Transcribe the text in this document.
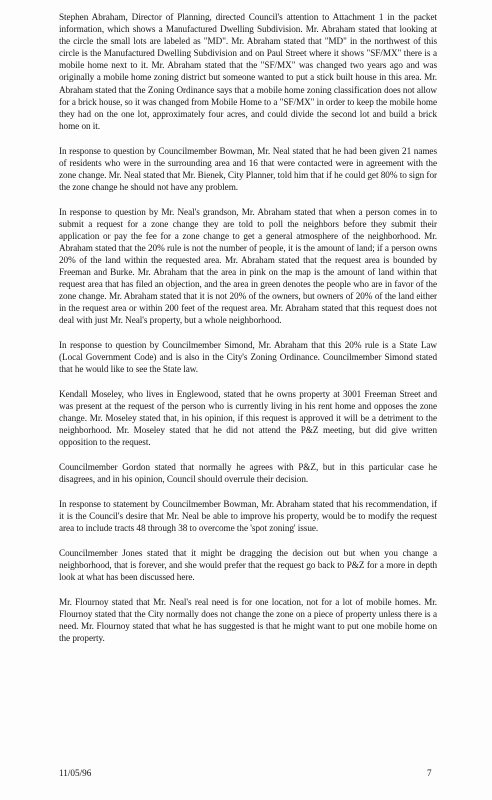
Stephen Abraham, Director of Planning, directed Council's attention to Attachment 1 in the packet information, which shows a Manufactured Dwelling Subdivision. Mr. Abraham stated that looking at the circle the small lots are labeled as "MD". Mr. Abraham stated that "MD" in the northwest of this circle is the Manufactured Dwelling Subdivision and on Paul Street where it shows "SF/MX" there is a mobile home next to it. Mr. Abraham stated that the "SF/MX" was changed two years ago and was originally a mobile home zoning district but someone wanted to put a stick built house in this area. Mr. Abraham stated that the Zoning Ordinance says that a mobile home zoning classification does not allow for a brick house, so it was changed from Mobile Home to a "SF/MX" in order to keep the mobile home they had on the one lot, approximately four acres, and could divide the second lot and build a brick home on it.

In response to question by Councilmember Bowman, Mr. Neal stated that he had been given 21 names of residents who were in the surrounding area and 16 that were contacted were in agreement with the zone change. Mr. Neal stated that Mr. Bienek, City Planner, told him that if he could get 80% to sign for the zone change he should not have any problem.

In response to question by Mr. Neal's grandson, Mr. Abraham stated that when a person comes in to submit a request for a zone change they are told to poll the neighbors before they submit their application or pay the fee for a zone change to get a general atmosphere of the neighborhood. Mr. Abraham stated that the 20% rule is not the number of people, it is the amount of land; if a person owns 20% of the land within the requested area. Mr. Abraham stated that the request area is bounded by Freeman and Burke. Mr. Abraham that the area in pink on the map is the amount of land within that request area that has filed an objection, and the area in green denotes the people who are in favor of the zone change. Mr. Abraham stated that it is not 20% of the owners, but owners of 20% of the land either in the request area or within 200 feet of the request area. Mr. Abraham stated that this request does not deal with just Mr. Neal's property, but a whole neighborhood.

In response to question by Councilmember Simond, Mr. Abraham that this 20% rule is a State Law (Local Government Code) and is also in the City's Zoning Ordinance. Councilmember Simond stated that he would like to see the State law.

Kendall Moseley, who lives in Englewood, stated that he owns property at 3001 Freeman Street and was present at the request of the person who is currently living in his rent home and opposes the zone change. Mr. Moseley stated that, in his opinion, if this request is approved it will be a detriment to the neighborhood. Mr. Moseley stated that he did not attend the P&Z meeting, but did give written opposition to the request.

Councilmember Gordon stated that normally he agrees with P&Z, but in this particular case he disagrees, and in his opinion, Council should overrule their decision.

In response to statement by Councilmember Bowman, Mr. Abraham stated that his recommendation, if it is the Council's desire that Mr. Neal be able to improve his property, would be to modify the request area to include tracts 48 through 38 to overcome the 'spot zoning' issue.

Councilmember Jones stated that it might be dragging the decision out but when you change a neighborhood, that is forever, and she would prefer that the request go back to P&Z for a more in depth look at what has been discussed here.

Mr. Flournoy stated that Mr. Neal's real need is for one location, not for a lot of mobile homes. Mr. Flournoy stated that the City normally does not change the zone on a piece of property unless there is a need. Mr. Flournoy stated that what he has suggested is that he might want to put one mobile home on the property.

11/05/96	7
